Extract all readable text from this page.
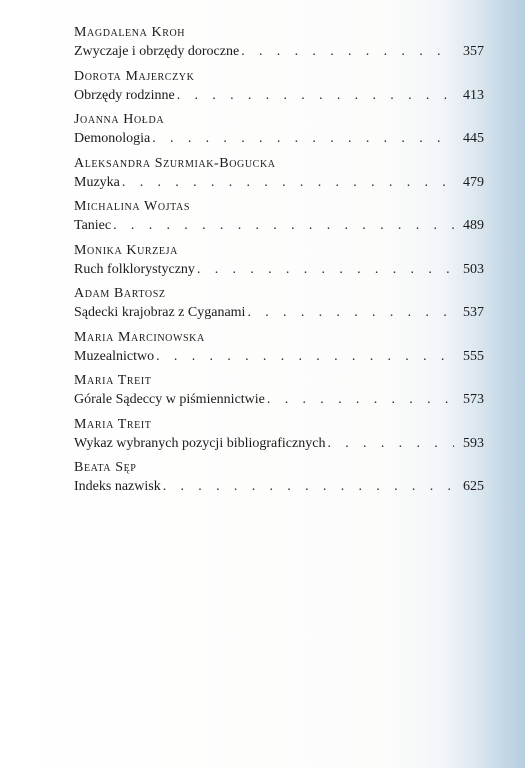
Magdalena Kroh
Zwyczaje i obrzędy doroczne . . .	357
Dorota Majerczyk
Obrzędy rodzinne . . .	413
Joanna Hołda
Demonologia . . .	445
Aleksandra Szurmiak-Bogucka
Muzyka . . .	479
Michalina Wojtas
Taniec . . .	489
Monika Kurzeja
Ruch folklorystyczny . . .	503
Adam Bartosz
Sądecki krajobraz z Cyganami . . .	537
Maria Marcinowska
Muzealnictwo . . .	555
Maria Treit
Górale Sądeccy w piśmiennictwie . . .	573
Maria Treit
Wykaz wybranych pozycji bibliograficznych . . .	593
Beata Sęp
Indeks nazwisk . . .	625
